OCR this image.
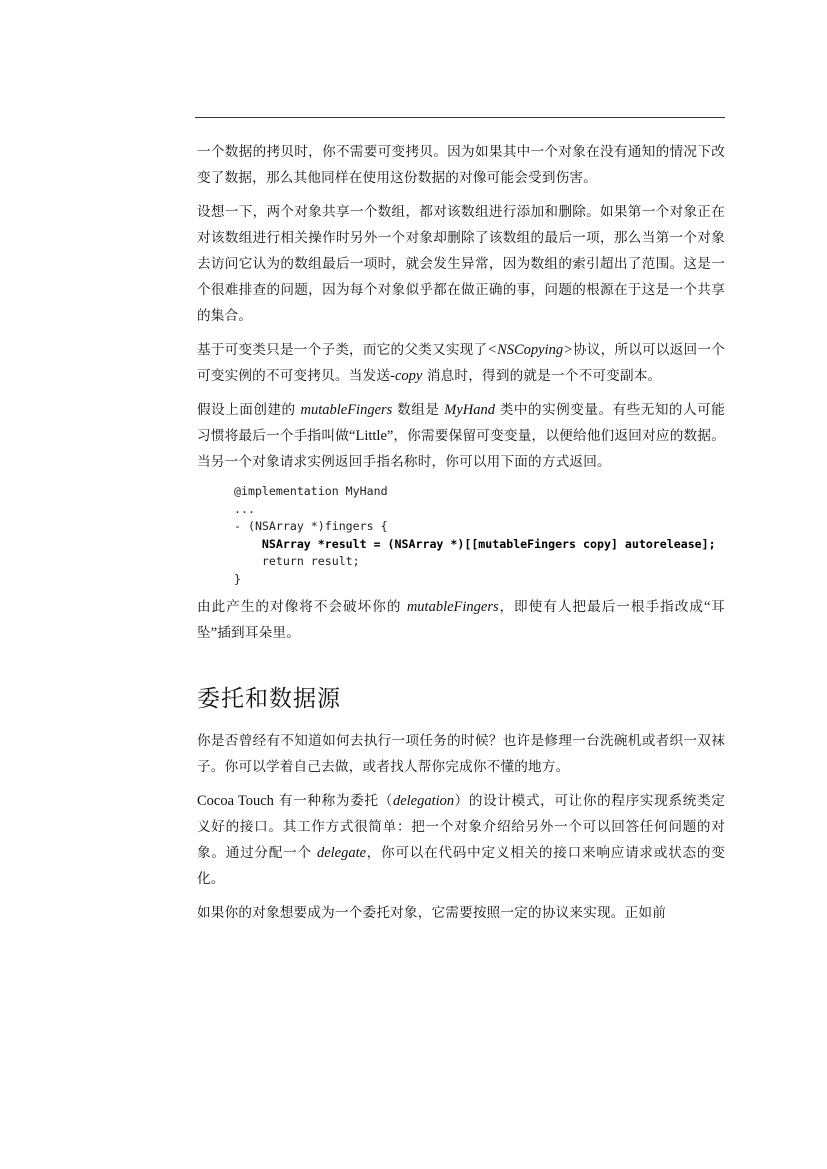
一个数据的拷贝时，你不需要可变拷贝。因为如果其中一个对象在没有通知的情况下改变了数据，那么其他同样在使用这份数据的对像可能会受到伤害。

设想一下，两个对象共享一个数组，都对该数组进行添加和删除。如果第一个对象正在对该数组进行相关操作时另外一个对象却删除了该数组的最后一项，那么当第一个对象去访问它认为的数组最后一项时，就会发生异常，因为数组的索引超出了范围。这是一个很难排查的问题，因为每个对象似乎都在做正确的事，问题的根源在于这是一个共享的集合。

基于可变类只是一个子类，而它的父类又实现了<NSCopying>协议，所以可以返回一个可变实例的不可变拷贝。当发送-copy 消息时，得到的就是一个不可变副本。

假设上面创建的 mutableFingers 数组是 MyHand 类中的实例变量。有些无知的人可能习惯将最后一个手指叫做“Little”，你需要保留可变变量，以便给他们返回对应的数据。当另一个对象请求实例返回手指名称时，你可以用下面的方式返回。

@implementation MyHand
...
- (NSArray *)fingers {
NSArray *result = (NSArray *)[[mutableFingers copy] autorelease];
return result;
}

由此产生的对像将不会破坏你的 mutableFingers，即使有人把最后一根手指改成“耳坠”插到耳朵里。

委托和数据源

你是否曾经有不知道如何去执行一项任务的时候？也许是修理一台洗碗机或者织一双袜子。你可以学着自己去做，或者找人帮你完成你不懂的地方。

Cocoa Touch 有一种称为委托（delegation）的设计模式，可让你的程序实现系统类定义好的接口。其工作方式很简单：把一个对象介绍给另外一个可以回答任何问题的对象。通过分配一个 delegate，你可以在代码中定义相关的接口来响应请求或状态的变化。

如果你的对象想要成为一个委托对象，它需要按照一定的协议来实现。正如前
